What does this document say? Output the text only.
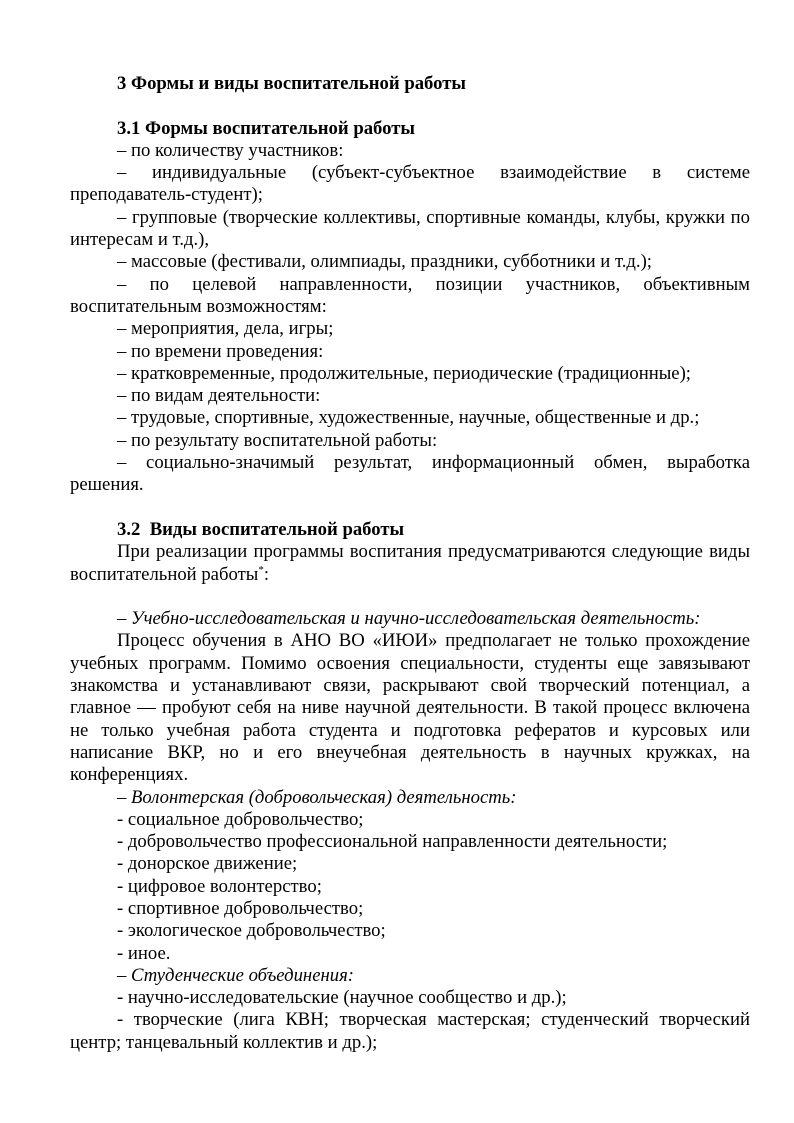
3 Формы и виды воспитательной работы

3.1 Формы воспитательной работы

– по количеству участников:

– индивидуальные (субъект-субъектное взаимодействие в системе преподаватель-студент);

– групповые (творческие коллективы, спортивные команды, клубы, кружки по интересам и т.д.),

– массовые (фестивали, олимпиады, праздники, субботники и т.д.);

– по целевой направленности, позиции участников, объективным воспитательным возможностям:

– мероприятия, дела, игры;

– по времени проведения:

– кратковременные, продолжительные, периодические (традиционные);

– по видам деятельности:

– трудовые, спортивные, художественные, научные, общественные и др.;

– по результату воспитательной работы:

– социально-значимый результат, информационный обмен, выработка решения.

3.2  Виды воспитательной работы

При реализации программы воспитания предусматриваются следующие виды воспитательной работы*:

– Учебно-исследовательская и научно-исследовательская деятельность:

Процесс обучения в АНО ВО «ИЮИ» предполагает не только прохождение учебных программ. Помимо освоения специальности, студенты еще завязывают знакомства и устанавливают связи, раскрывают свой творческий потенциал, а главное — пробуют себя на ниве научной деятельности. В такой процесс включена не только учебная работа студента и подготовка рефератов и курсовых или написание ВКР, но и его внеучебная деятельность в научных кружках, на конференциях.

– Волонтерская (добровольческая) деятельность:

- социальное добровольчество;

- добровольчество профессиональной направленности деятельности;

- донорское движение;

- цифровое волонтерство;

- спортивное добровольчество;

- экологическое добровольчество;

- иное.

– Студенческие объединения:

- научно-исследовательские (научное сообщество и др.);

- творческие (лига КВН; творческая мастерская; студенческий творческий центр; танцевальный коллектив и др.);
